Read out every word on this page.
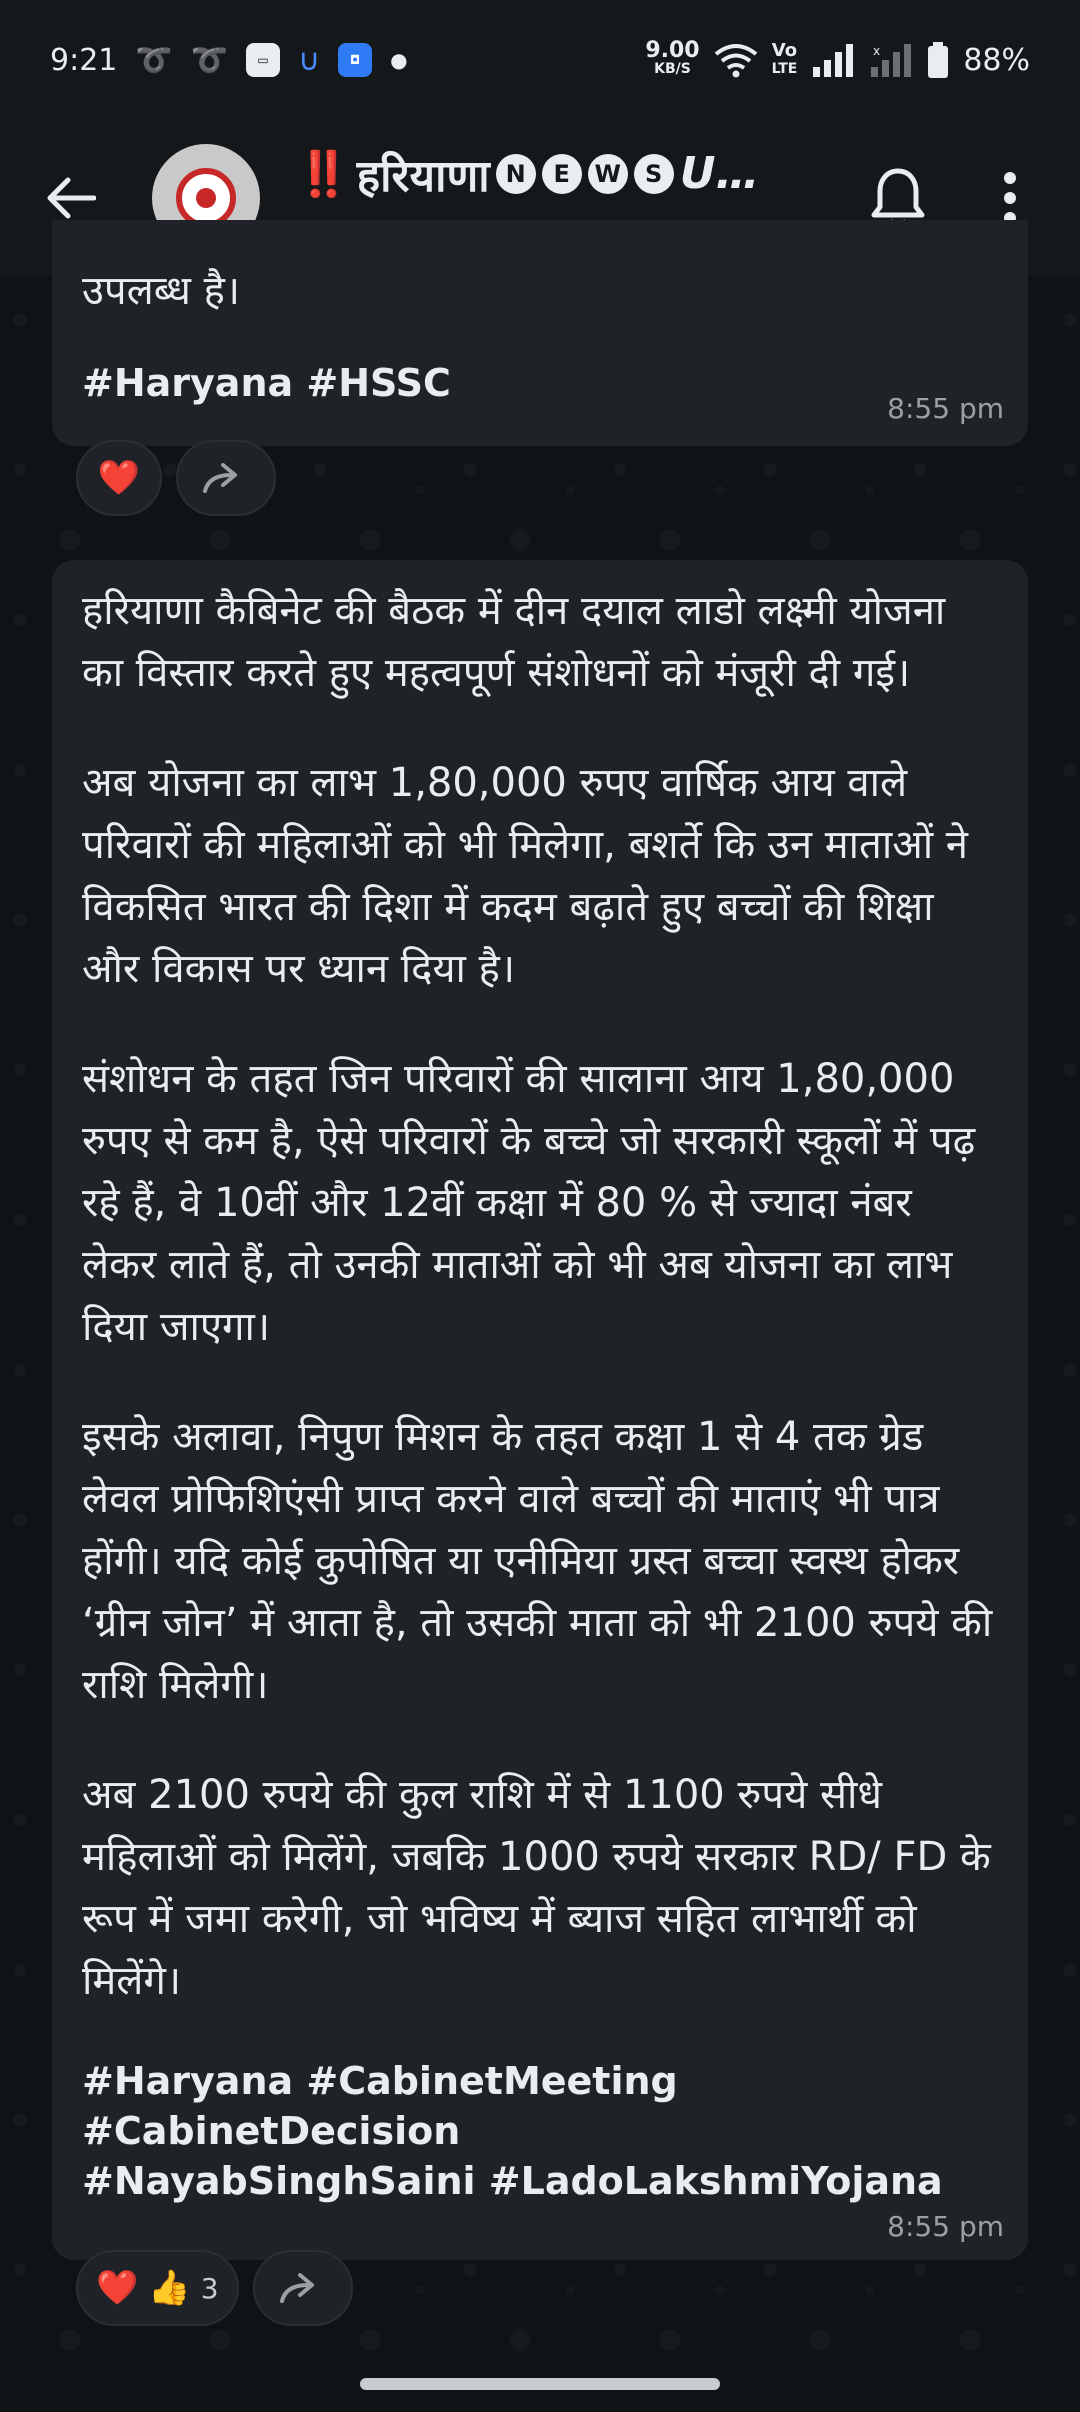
9:21 ➰ ➰	▭ ∪	◘	●	9.00
KB/S
Vo
LTE
x	88%
‼️ हरियाणा N	E	W	S U…
उपलब्ध है।
#Haryana #HSSC
8:55 pm
❤️
हरियाणा कैबिनेट की बैठक में दीन दयाल लाडो लक्ष्मी योजना का विस्तार करते हुए महत्वपूर्ण संशोधनों को मंजूरी दी गई।
अब योजना का लाभ 1,80,000 रुपए वार्षिक आय वाले परिवारों की महिलाओं को भी मिलेगा, बशर्ते कि उन माताओं ने विकसित भारत की दिशा में कदम बढ़ाते हुए बच्चों की शिक्षा और विकास पर ध्यान दिया है।
संशोधन के तहत जिन परिवारों की सालाना आय 1,80,000 रुपए से कम है, ऐसे परिवारों के बच्चे जो सरकारी स्कूलों में पढ़ रहे हैं, वे 10वीं और 12वीं कक्षा में 80 % से ज्यादा नंबर लेकर लाते हैं, तो उनकी माताओं को भी अब योजना का लाभ दिया जाएगा।
इसके अलावा, निपुण मिशन के तहत कक्षा 1 से 4 तक ग्रेड लेवल प्रोफिशिएंसी प्राप्त करने वाले बच्चों की माताएं भी पात्र होंगी। यदि कोई कुपोषित या एनीमिया ग्रस्त बच्चा स्वस्थ होकर ‘ग्रीन जोन’ में आता है, तो उसकी माता को भी 2100 रुपये की राशि मिलेगी।
अब 2100 रुपये की कुल राशि में से 1100 रुपये सीधे महिलाओं को मिलेंगे, जबकि 1000 रुपये सरकार RD/ FD के रूप में जमा करेगी, जो भविष्य में ब्याज सहित लाभार्थी को मिलेंगे।
#Haryana #CabinetMeeting #CabinetDecision
#NayabSinghSaini #LadoLakshmiYojana
8:55 pm
❤️ 👍 3
